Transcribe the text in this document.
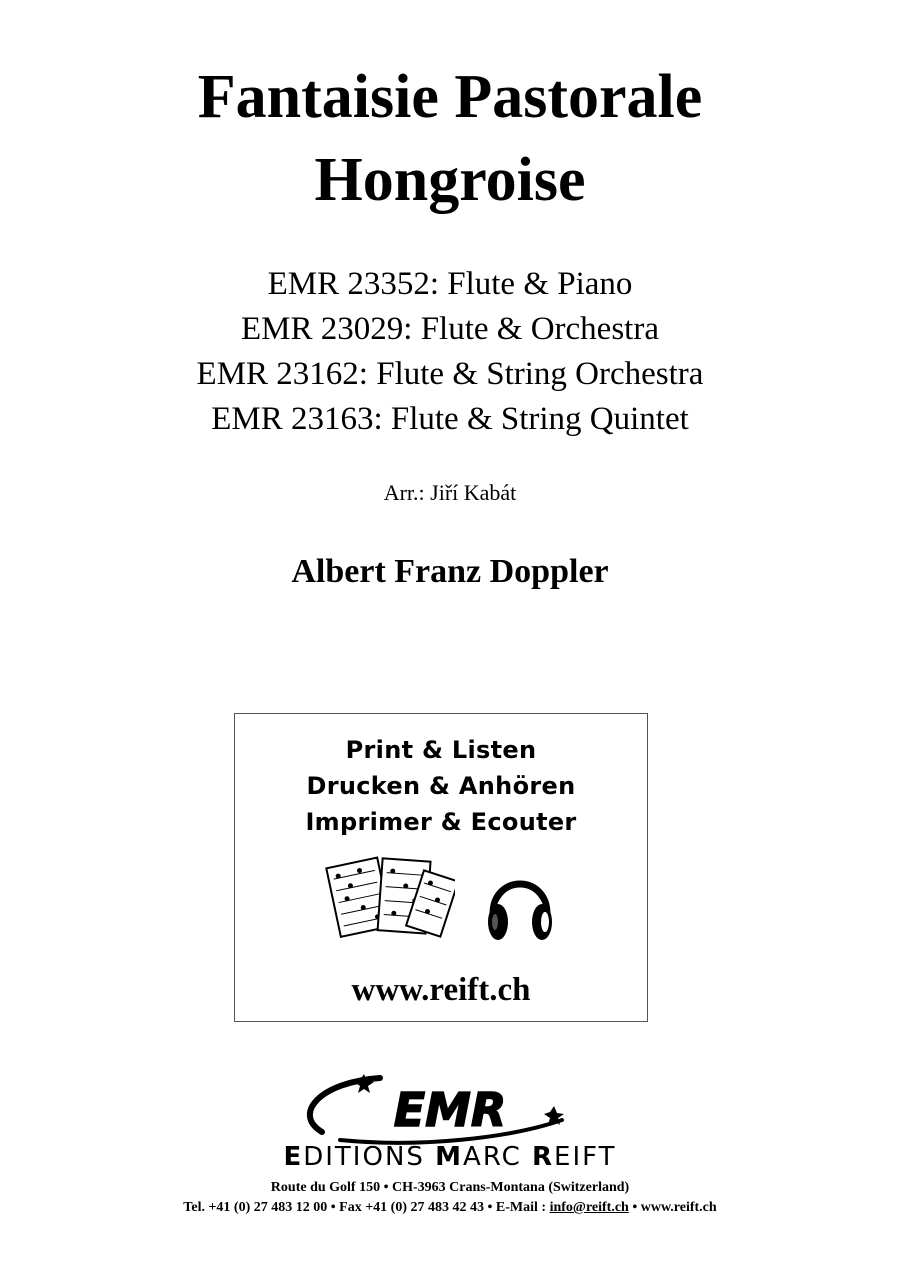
Fantaisie Pastorale
Hongroise
EMR 23352: Flute & Piano
EMR 23029: Flute & Orchestra
EMR 23162: Flute & String Orchestra
EMR 23163: Flute & String Quintet
Arr.: Jiří Kabát
Albert Franz Doppler
Print & Listen
Drucken & Anhören
Imprimer & Ecouter
www.reift.ch
EMR
EDITIONS MARC REIFT
Route du Golf 150 • CH-3963 Crans-Montana (Switzerland)
Tel. +41 (0) 27 483 12 00 • Fax +41 (0) 27 483 42 43 • E-Mail : info@reift.ch • www.reift.ch
